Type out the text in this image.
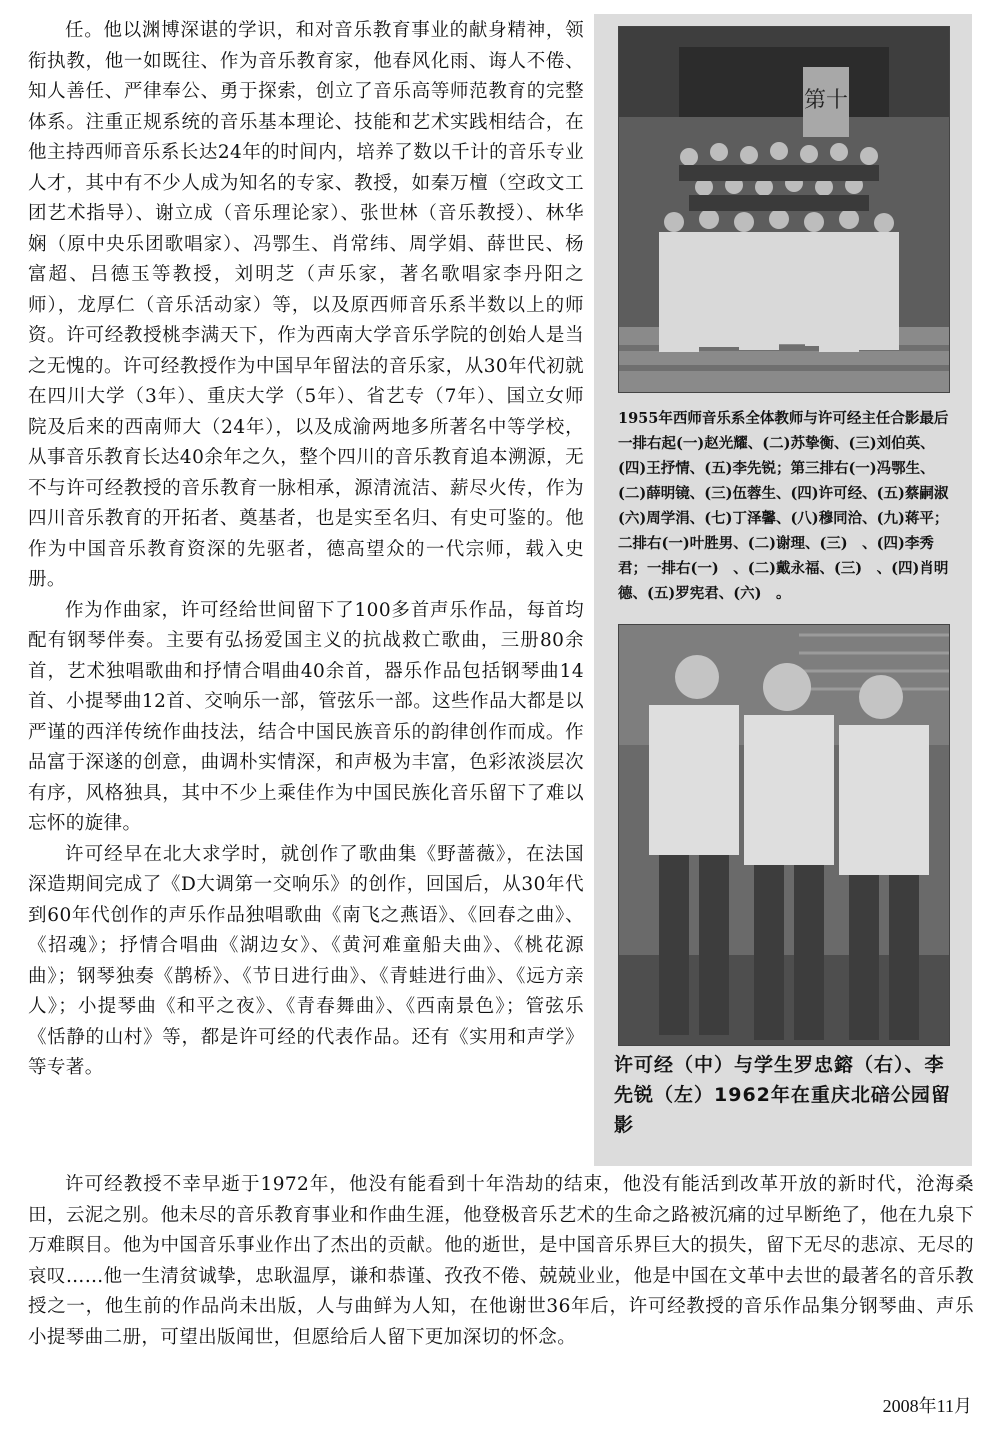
任。他以渊博深谌的学识，和对音乐教育事业的献身精神，领衔执教，他一如既往、作为音乐教育家，他春风化雨、诲人不倦、知人善任、严律奉公、勇于探索，创立了音乐高等师范教育的完整体系。注重正规系统的音乐基本理论、技能和艺术实践相结合，在他主持西师音乐系长达24年的时间内，培养了数以千计的音乐专业人才，其中有不少人成为知名的专家、教授，如秦万檀（空政文工团艺术指导）、谢立成（音乐理论家）、张世林（音乐教授）、林华娴（原中央乐团歌唱家）、冯鄂生、肖常纬、周学娟、薛世民、杨富超、吕德玉等教授，刘明芝（声乐家，著名歌唱家李丹阳之师），龙厚仁（音乐活动家）等，以及原西师音乐系半数以上的师资。许可经教授桃李满天下，作为西南大学音乐学院的创始人是当之无愧的。许可经教授作为中国早年留法的音乐家，从30年代初就在四川大学（3年）、重庆大学（5年）、省艺专（7年）、国立女师院及后来的西南师大（24年），以及成渝两地多所著名中等学校，从事音乐教育长达40余年之久，整个四川的音乐教育追本溯源，无不与许可经教授的音乐教育一脉相承，源清流洁、薪尽火传，作为四川音乐教育的开拓者、奠基者，也是实至名归、有史可鉴的。他作为中国音乐教育资深的先驱者，德高望众的一代宗师，载入史册。

作为作曲家，许可经给世间留下了100多首声乐作品，每首均配有钢琴伴奏。主要有弘扬爱国主义的抗战救亡歌曲，三册80余首，艺术独唱歌曲和抒情合唱曲40余首，器乐作品包括钢琴曲14首、小提琴曲12首、交响乐一部，管弦乐一部。这些作品大都是以严谨的西洋传统作曲技法，结合中国民族音乐的韵律创作而成。作品富于深遂的创意，曲调朴实情深，和声极为丰富，色彩浓淡层次有序，风格独具，其中不少上乘佳作为中国民族化音乐留下了难以忘怀的旋律。

许可经早在北大求学时，就创作了歌曲集《野蔷薇》，在法国深造期间完成了《D大调第一交响乐》的创作，回国后，从30年代到60年代创作的声乐作品独唱歌曲《南飞之燕语》、《回春之曲》、《招魂》；抒情合唱曲《湖边女》、《黄河难童船夫曲》、《桃花源曲》；钢琴独奏《鹊桥》、《节日进行曲》、《青蛙进行曲》、《远方亲人》；小提琴曲《和平之夜》、《青春舞曲》、《西南景色》；管弦乐《恬静的山村》等，都是许可经的代表作品。还有《实用和声学》等专著。

第十
1955年西师音乐系全体教师与许可经主任合影最后一排右起(一)赵光耀、(二)苏挚衡、(三)刘伯英、(四)王抒情、(五)李先锐；第三排右(一)冯鄂生、(二)薛明镜、(三)伍蓉生、(四)许可经、(五)蔡嗣淑(六)周学涓、(七)丁泽馨、(八)穆同洽、(九)蒋平；二排右(一)叶胜男、(二)谢理、(三)　、(四)李秀君；一排右(一)　、(二)戴永福、(三)　、(四)肖明德、(五)罗宪君、(六)　。
许可经（中）与学生罗忠鎔（右）、李先锐（左）1962年在重庆北碚公园留影

许可经教授不幸早逝于1972年，他没有能看到十年浩劫的结束，他没有能活到改革开放的新时代，沧海桑田，云泥之别。他未尽的音乐教育事业和作曲生涯，他登极音乐艺术的生命之路被沉痛的过早断绝了，他在九泉下万难瞑目。他为中国音乐事业作出了杰出的贡献。他的逝世，是中国音乐界巨大的损失，留下无尽的悲凉、无尽的哀叹……他一生清贫诚挚，忠耿温厚，谦和恭谨、孜孜不倦、兢兢业业，他是中国在文革中去世的最著名的音乐教授之一，他生前的作品尚未出版，人与曲鲜为人知，在他谢世36年后，许可经教授的音乐作品集分钢琴曲、声乐小提琴曲二册，可望出版闻世，但愿给后人留下更加深切的怀念。

2008年11月
